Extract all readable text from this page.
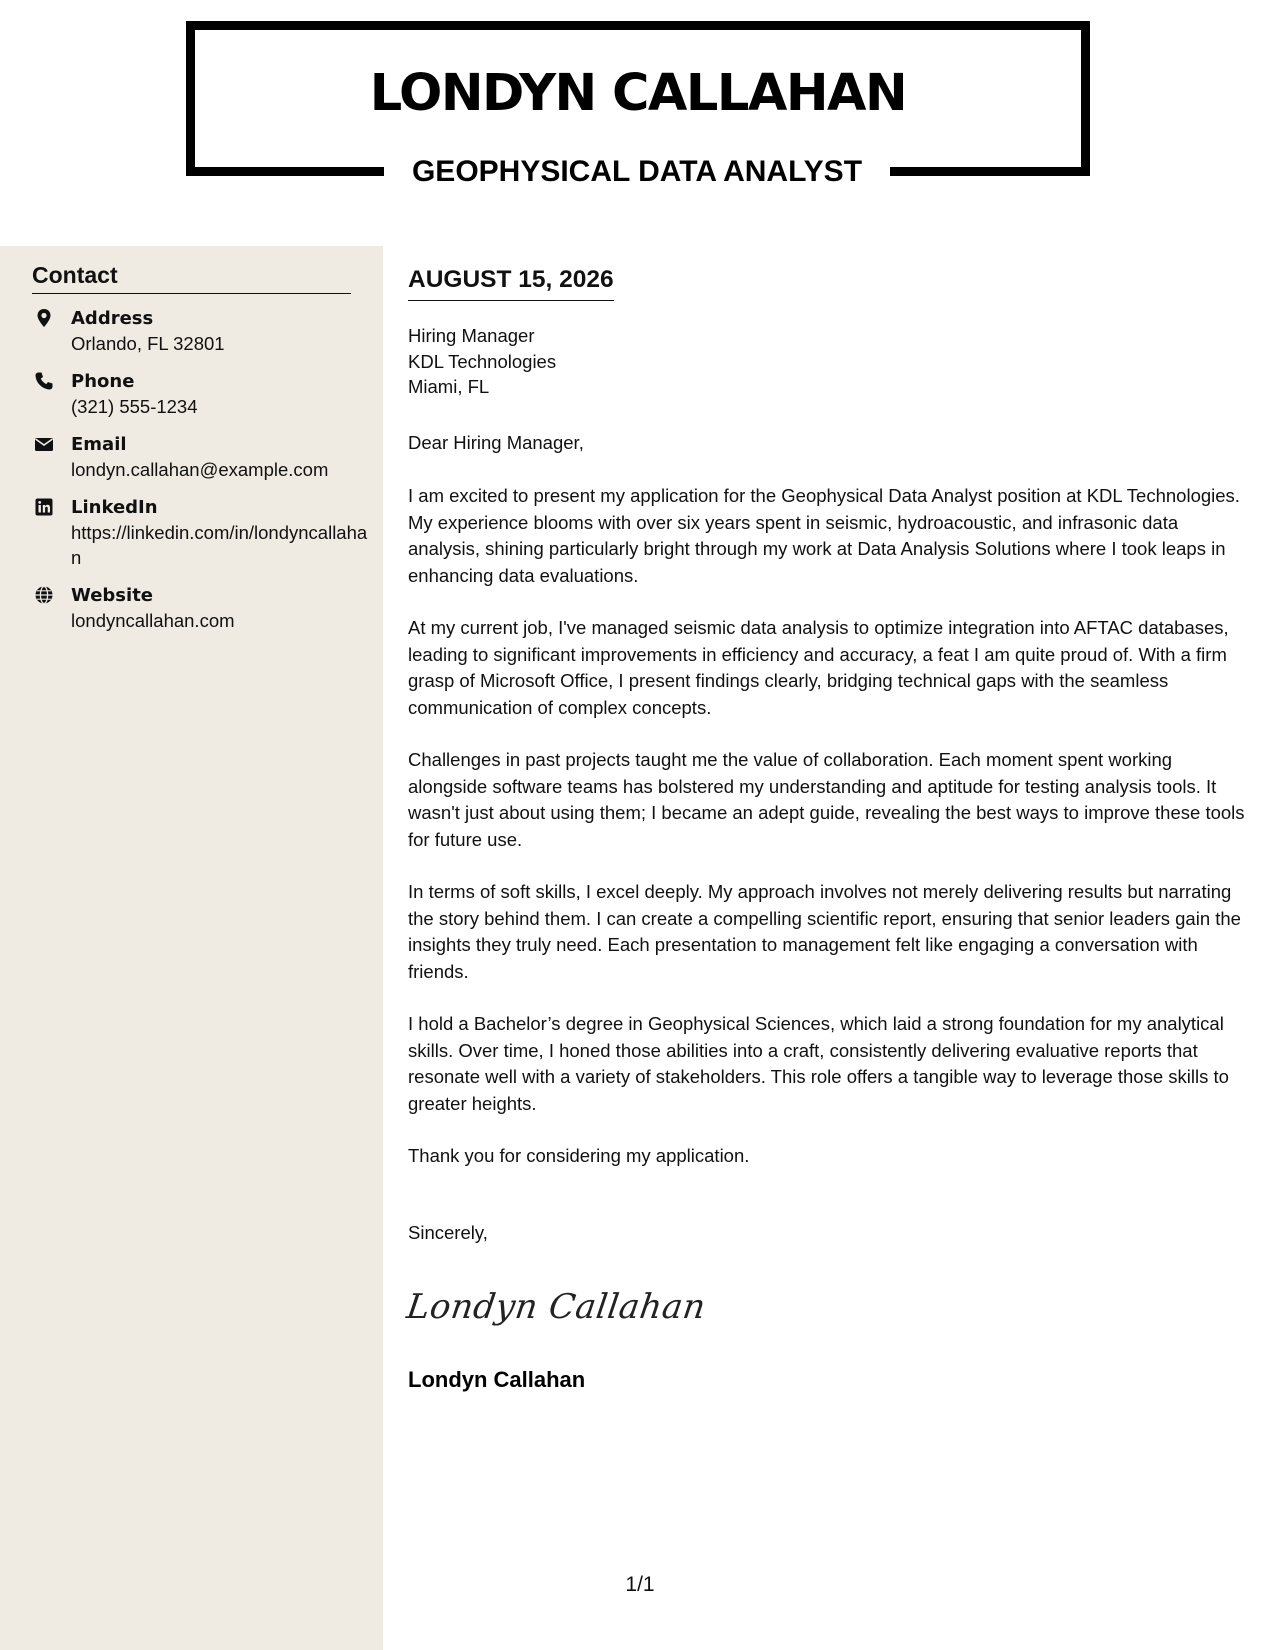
LONDYN CALLAHAN
GEOPHYSICAL DATA ANALYST
Contact
Address
Orlando, FL 32801
Phone
(321) 555-1234
Email
londyn.callahan@example.com
LinkedIn
https://linkedin.com/in/londyncallahan
Website
londyncallahan.com
AUGUST 15, 2026
Hiring Manager
KDL Technologies
Miami, FL

Dear Hiring Manager,

I am excited to present my application for the Geophysical Data Analyst position at KDL Technologies. My experience blooms with over six years spent in seismic, hydroacoustic, and infrasonic data analysis, shining particularly bright through my work at Data Analysis Solutions where I took leaps in enhancing data evaluations.

At my current job, I've managed seismic data analysis to optimize integration into AFTAC databases, leading to significant improvements in efficiency and accuracy, a feat I am quite proud of. With a firm grasp of Microsoft Office, I present findings clearly, bridging technical gaps with the seamless communication of complex concepts.

Challenges in past projects taught me the value of collaboration. Each moment spent working alongside software teams has bolstered my understanding and aptitude for testing analysis tools. It wasn't just about using them; I became an adept guide, revealing the best ways to improve these tools for future use.

In terms of soft skills, I excel deeply. My approach involves not merely delivering results but narrating the story behind them. I can create a compelling scientific report, ensuring that senior leaders gain the insights they truly need. Each presentation to management felt like engaging a conversation with friends.

I hold a Bachelor’s degree in Geophysical Sciences, which laid a strong foundation for my analytical skills. Over time, I honed those abilities into a craft, consistently delivering evaluative reports that resonate well with a variety of stakeholders. This role offers a tangible way to leverage those skills to greater heights.

Thank you for considering my application.

Sincerely,

Londyn Callahan

Londyn Callahan

1/1
